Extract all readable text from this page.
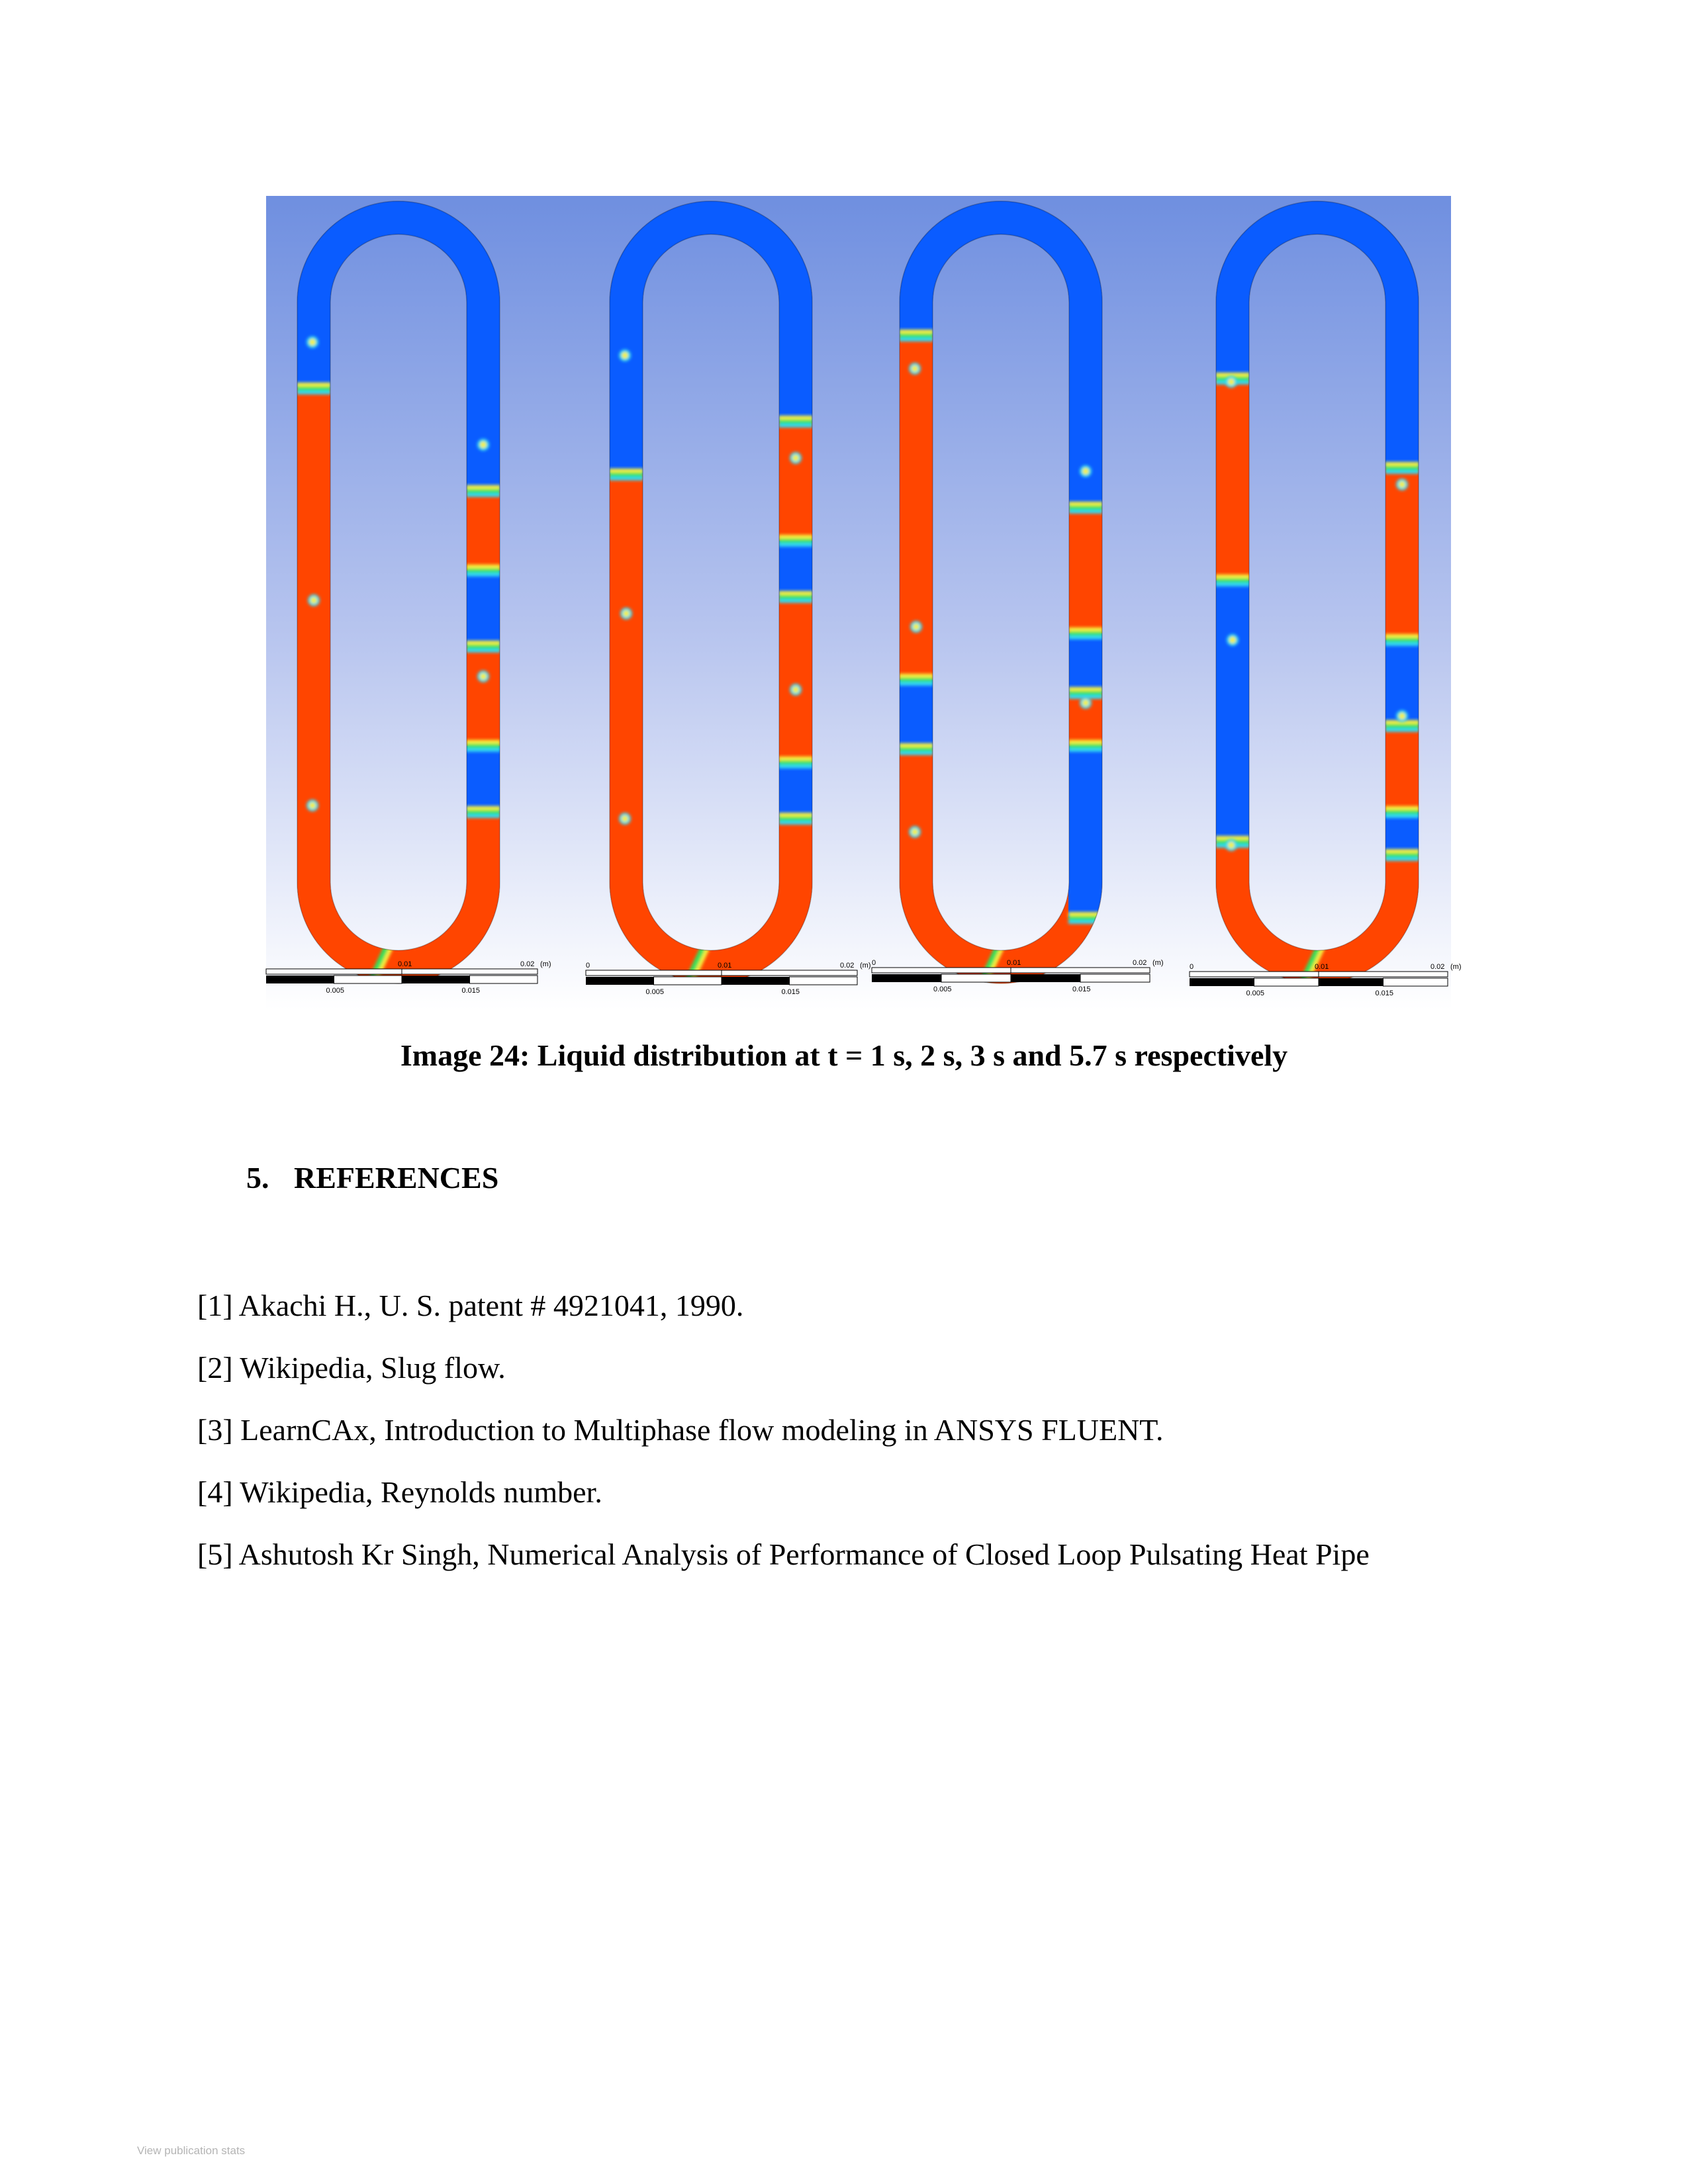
0.01	0.02 (m)
0.005	0.015
0	0.01	0.02 (m)
0.005	0.015
0	0.01	0.02 (m)
0.005	0.015
0	0.01	0.02 (m)
0.005	0.015
Image 24: Liquid distribution at t = 1 s, 2 s, 3 s and 5.7 s respectively
5. REFERENCES
[1] Akachi H., U. S. patent # 4921041, 1990.
[2] Wikipedia, Slug flow.
[3] LearnCAx, Introduction to Multiphase flow modeling in ANSYS FLUENT.
[4] Wikipedia, Reynolds number.
[5] Ashutosh Kr Singh, Numerical Analysis of Performance of Closed Loop Pulsating Heat Pipe
View publication stats
